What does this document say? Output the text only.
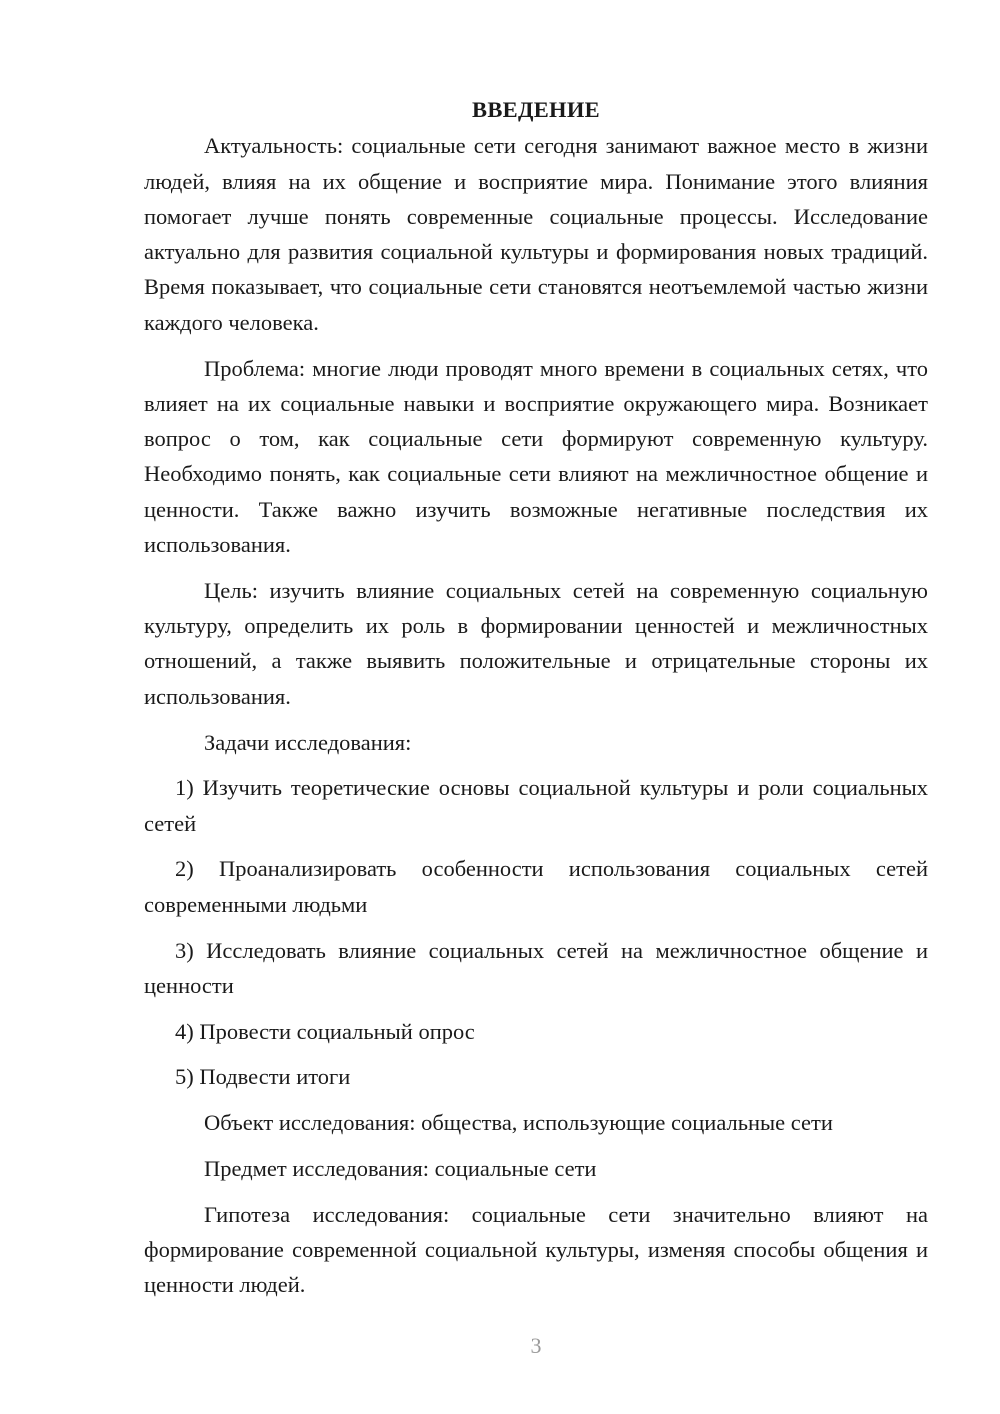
ВВЕДЕНИЕ

Актуальность: социальные сети сегодня занимают важное место в жизни людей, влияя на их общение и восприятие мира. Понимание этого влияния помогает лучше понять современные социальные процессы. Исследование актуально для развития социальной культуры и формирования новых традиций. Время показывает, что социальные сети становятся неотъемлемой частью жизни каждого человека.

Проблема: многие люди проводят много времени в социальных сетях, что влияет на их социальные навыки и восприятие окружающего мира. Возникает вопрос о том, как социальные сети формируют современную культуру. Необходимо понять, как социальные сети влияют на межличностное общение и ценности. Также важно изучить возможные негативные последствия их использования.

Цель: изучить влияние социальных сетей на современную социальную культуру, определить их роль в формировании ценностей и межличностных отношений, а также выявить положительные и отрицательные стороны их использования.

Задачи исследования:

1) Изучить теоретические основы социальной культуры и роли социальных сетей

2) Проанализировать особенности использования социальных сетей современными людьми

3) Исследовать влияние социальных сетей на межличностное общение и ценности

4) Провести социальный опрос

5) Подвести итоги

Объект исследования: общества, использующие социальные сети

Предмет исследования: социальные сети

Гипотеза исследования: социальные сети значительно влияют на формирование современной социальной культуры, изменяя способы общения и ценности людей.

3
